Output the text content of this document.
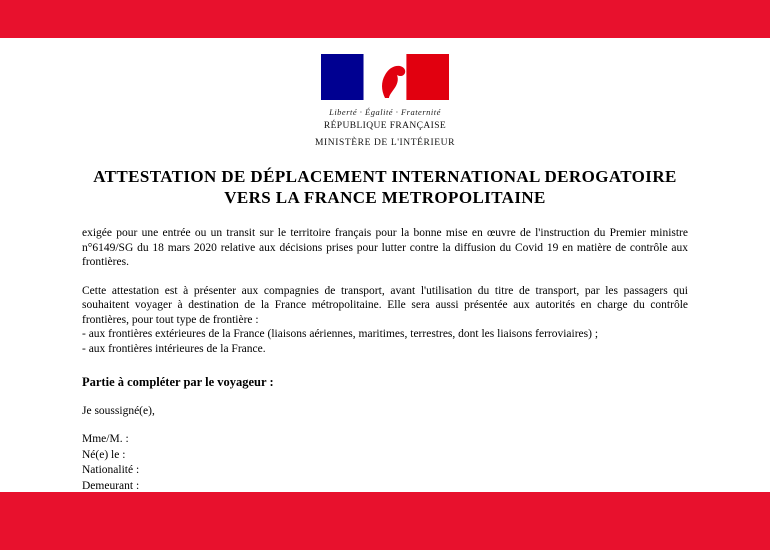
Liberté · Égalité · Fraternité
RÉPUBLIQUE FRANÇAISE
MINISTÈRE DE L'INTÉRIEUR
ATTESTATION DE DÉPLACEMENT INTERNATIONAL DEROGATOIRE
VERS LA FRANCE METROPOLITAINE
exigée pour une entrée ou un transit sur le territoire français pour la bonne mise en œuvre de l'instruction du Premier ministre n°6149/SG du 18 mars 2020 relative aux décisions prises pour lutter contre la diffusion du Covid 19 en matière de contrôle aux frontières.
Cette attestation est à présenter aux compagnies de transport, avant l'utilisation du titre de transport, par les passagers qui souhaitent voyager à destination de la France métropolitaine. Elle sera aussi présentée aux autorités en charge du contrôle frontières, pour tout type de frontière :
- aux frontières extérieures de la France (liaisons aériennes, maritimes, terrestres, dont les liaisons ferroviaires) ;
- aux frontières intérieures de la France.
Partie à compléter par le voyageur :
Je soussigné(e),
Mme/M. :
Né(e) le :
Nationalité :
Demeurant :
